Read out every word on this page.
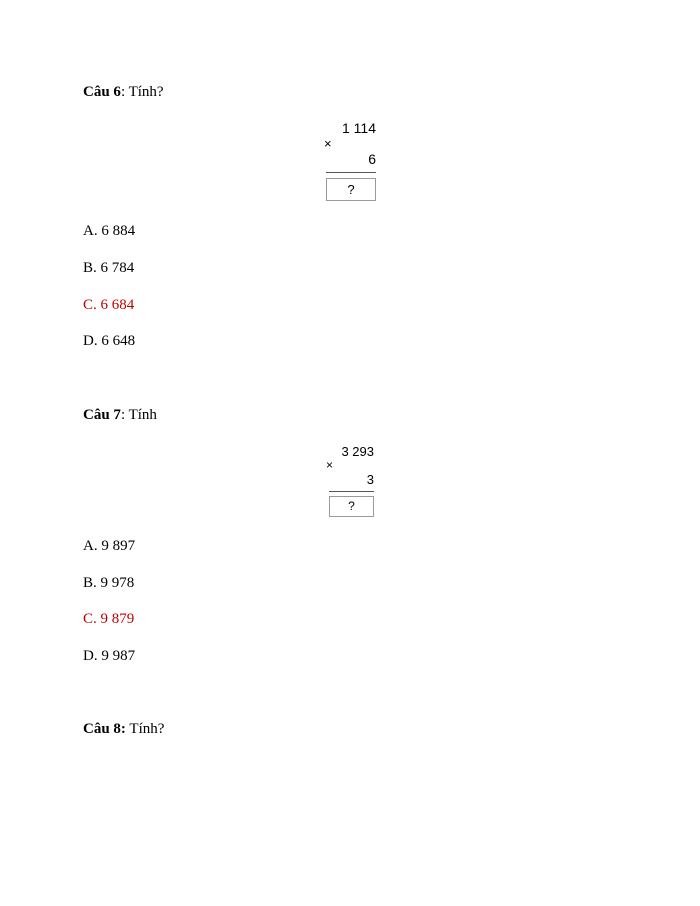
Câu 6: Tính?
1 114
×
6
?
A. 6 884
B. 6 784
C. 6 684
D. 6 648
Câu 7: Tính
3 293
×
3
?
A. 9 897
B. 9 978
C. 9 879
D. 9 987
Câu 8: Tính?
